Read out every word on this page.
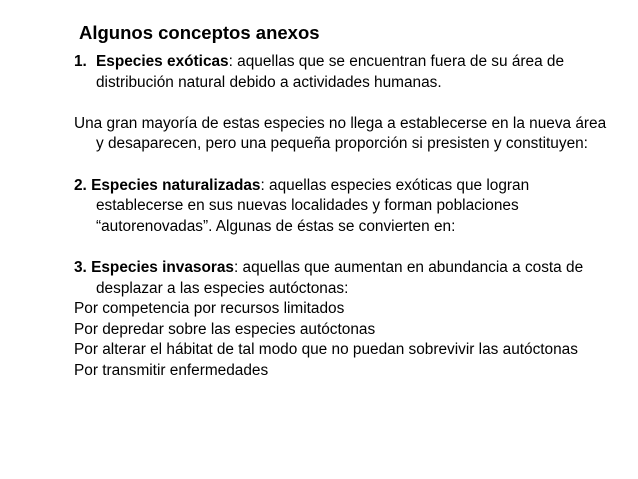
Algunos conceptos anexos

1. Especies exóticas: aquellas que se encuentran fuera de su área de distribución natural debido a actividades humanas.

Una gran mayoría de estas especies no llega a establecerse en la nueva área y desaparecen, pero una pequeña proporción si presisten y constituyen:

2. Especies naturalizadas: aquellas especies exóticas que logran establecerse en sus nuevas localidades y forman poblaciones “autorenovadas”. Algunas de éstas se convierten en:

3. Especies invasoras: aquellas que aumentan en abundancia a costa de desplazar a las especies autóctonas:

Por competencia por recursos limitados

Por depredar sobre las especies autóctonas

Por alterar el hábitat de tal modo que no puedan sobrevivir las autóctonas

Por transmitir enfermedades
